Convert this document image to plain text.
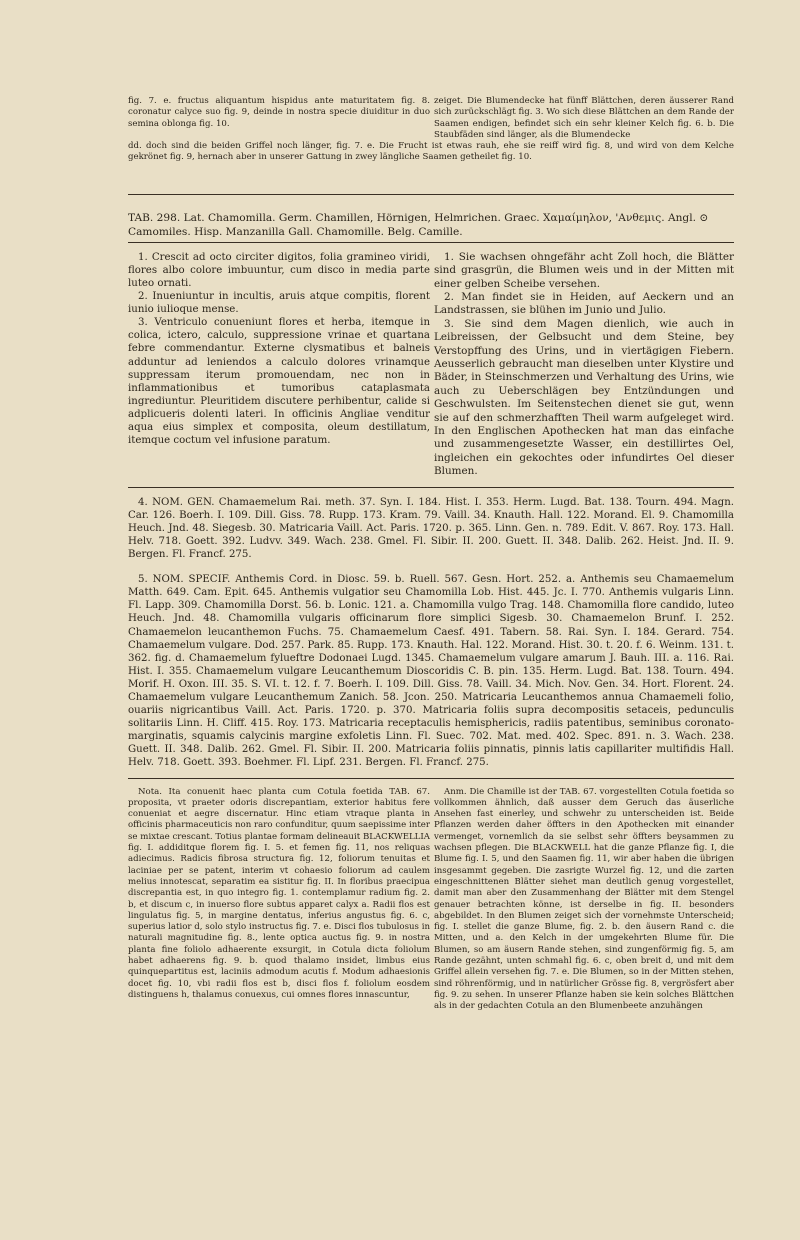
fig. 7. e. fructus aliquantum hispidus ante maturitatem fig. 8. coronatur calyce suo fig. 9, deinde in nostra specie diuiditur in duo semina oblonga fig. 10.

zeiget. Die Blumendecke hat fünff Blättchen, deren äusserer Rand sich zurückschlägt fig. 3. Wo sich diese Blättchen an dem Rande der Saamen endigen, befindet sich ein sehr kleiner Kelch fig. 6. b. Die Staubfäden sind länger, als die Blumendecke

dd. doch sind die beiden Griffel noch länger, fig. 7. e. Die Frucht ist etwas rauh, ehe sie reiff wird fig. 8, und wird von dem Kelche gekrönet fig. 9, hernach aber in unserer Gattung in zwey längliche Saamen getheilet fig. 10.

TAB. 298. Lat. Chamomilla. Germ. Chamillen, Hörnigen, Helmrichen. Graec. Χαμαίμηλον, 'Ανθεμις. Angl. ⊙ Camomiles. Hisp. Manzanilla Gall. Chamomille. Belg. Camille.

1. Crescit ad octo circiter digitos, folia gramineo viridi, flores albo colore imbuuntur, cum disco in media parte luteo ornati.

2. Inueniuntur in incultis, aruis atque compitis, florent iunio iulioque mense.

3. Ventriculo conueniunt flores et herba, itemque in colica, ictero, calculo, suppressione vrinae et quartana febre commendantur. Externe clysmatibus et balneis adduntur ad leniendos a calculo dolores vrinamque suppressam iterum promouendam, nec non in inflammationibus et tumoribus cataplasmata ingrediuntur. Pleuritidem discutere perhibentur, calide si adplicueris dolenti lateri. In officinis Angliae venditur aqua eius simplex et composita, oleum destillatum, itemque coctum vel infusione paratum.

1. Sie wachsen ohngefähr acht Zoll hoch, die Blätter sind grasgrün, die Blumen weis und in der Mitten mit einer gelben Scheibe versehen.

2. Man findet sie in Heiden, auf Aeckern und an Landstrassen, sie blühen im Junio und Julio.

3. Sie sind dem Magen dienlich, wie auch in Leibreissen, der Gelbsucht und dem Steine, bey Verstopffung des Urins, und in viertägigen Fiebern. Aeusserlich gebraucht man dieselben unter Klystire und Bäder, in Steinschmerzen und Verhaltung des Urins, wie auch zu Ueberschlägen bey Entzündungen und Geschwulsten. Im Seitenstechen dienet sie gut, wenn sie auf den schmerzhafften Theil warm aufgeleget wird. In den Englischen Apothecken hat man das einfache und zusammengesetzte Wasser, ein destillirtes Oel, ingleichen ein gekochtes oder infundirtes Oel dieser Blumen.

4. NOM. GEN. Chamaemelum Rai. meth. 37. Syn. I. 184. Hist. I. 353. Herm. Lugd. Bat. 138. Tourn. 494. Magn. Car. 126. Boerh. I. 109. Dill. Giss. 78. Rupp. 173. Kram. 79. Vaill. 34. Knauth. Hall. 122. Morand. El. 9. Chamomilla Heuch. Jnd. 48. Siegesb. 30. Matricaria Vaill. Act. Paris. 1720. p. 365. Linn. Gen. n. 789. Edit. V. 867. Roy. 173. Hall. Helv. 718. Goett. 392. Ludvv. 349. Wach. 238. Gmel. Fl. Sibir. II. 200. Guett. II. 348. Dalib. 262. Heist. Jnd. II. 9. Bergen. Fl. Francf. 275.

5. NOM. SPECIF. Anthemis Cord. in Diosc. 59. b. Ruell. 567. Gesn. Hort. 252. a. Anthemis seu Chamaemelum Matth. 649. Cam. Epit. 645. Anthemis vulgatior seu Chamomilla Lob. Hist. 445. Jc. I. 770. Anthemis vulgaris Linn. Fl. Lapp. 309. Chamomilla Dorst. 56. b. Lonic. 121. a. Chamomilla vulgo Trag. 148. Chamomilla flore candido, luteo Heuch. Jnd. 48. Chamomilla vulgaris officinarum flore simplici Sigesb. 30. Chamaemelon Brunf. I. 252. Chamaemelon leucanthemon Fuchs. 75. Chamaemelum Caesf. 491. Tabern. 58. Rai. Syn. I. 184. Gerard. 754. Chamaemelum vulgare. Dod. 257. Park. 85. Rupp. 173. Knauth. Hal. 122. Morand. Hist. 30. t. 20. f. 6. Weinm. 131. t. 362. fig. d. Chamaemelum fylueftre Dodonaei Lugd. 1345. Chamaemelum vulgare amarum J. Bauh. III. a. 116. Rai. Hist. I. 355. Chamaemelum vulgare Leucanthemum Dioscoridis C. B. pin. 135. Herm. Lugd. Bat. 138. Tourn. 494. Morif. H. Oxon. III. 35. S. VI. t. 12. f. 7. Boerh. I. 109. Dill. Giss. 78. Vaill. 34. Mich. Nov. Gen. 34. Hort. Florent. 24. Chamaemelum vulgare Leucanthemum Zanich. 58. Jcon. 250. Matricaria Leucanthemos annua Chamaemeli folio, ouariis nigricantibus Vaill. Act. Paris. 1720. p. 370. Matricaria foliis supra decompositis setaceis, pedunculis solitariis Linn. H. Cliff. 415. Roy. 173. Matricaria receptaculis hemisphericis, radiis patentibus, seminibus coronato-marginatis, squamis calycinis margine exfoletis Linn. Fl. Suec. 702. Mat. med. 402. Spec. 891. n. 3. Wach. 238. Guett. II. 348. Dalib. 262. Gmel. Fl. Sibir. II. 200. Matricaria foliis pinnatis, pinnis latis capillariter multifidis Hall. Helv. 718. Goett. 393. Boehmer. Fl. Lipf. 231. Bergen. Fl. Francf. 275.

Nota. Ita conuenit haec planta cum Cotula foetida TAB. 67. proposita, vt praeter odoris discrepantiam, exterior habitus fere conueniat et aegre discernatur. Hinc etiam vtraque planta in officinis pharmaceuticis non raro confunditur, quum saepissime inter se mixtae crescant. Totius plantae formam delineauit BLACKWELLIA fig. I. addiditque florem fig. I. 5. et femen fig. 11, nos reliquas adiecimus. Radicis fibrosa structura fig. 12, foliorum tenuitas et laciniae per se patent, interim vt cohaesio foliorum ad caulem melius innotescat, separatim ea sistitur fig. II. In floribus praecipua discrepantia est, in quo integro fig. 1. contemplamur radium fig. 2. b, et discum c, in inuerso flore subtus apparet calyx a. Radii flos est lingulatus fig. 5, in margine dentatus, inferius angustus fig. 6. c, superius latior d, solo stylo instructus fig. 7. e. Disci flos tubulosus in naturali magnitudine fig. 8., lente optica auctus fig. 9. in nostra planta fine foliolo adhaerente exsurgit, in Cotula dicta foliolum habet adhaerens fig. 9. b. quod thalamo insidet, limbus eius quinquepartitus est, laciniis admodum acutis f. Modum adhaesionis docet fig. 10, vbi radii flos est b, disci flos f. foliolum eosdem distinguens h, thalamus conuexus, cui omnes flores innascuntur,

Anm. Die Chamille ist der TAB. 67. vorgestellten Cotula foetida so vollkommen ähnlich, daß ausser dem Geruch das äuserliche Ansehen fast einerley, und schwehr zu unterscheiden ist. Beide Pflanzen werden daher öffters in den Apothecken mit einander vermenget, vornemlich da sie selbst sehr öffters beysammen zu wachsen pflegen. Die BLACKWELL hat die ganze Pflanze fig. I, die Blume fig. I. 5, und den Saamen fig. 11, wir aber haben die übrigen insgesammt gegeben. Die zasrigte Wurzel fig. 12, und die zarten eingeschnittenen Blätter siehet man deutlich genug vorgestellet, damit man aber den Zusammenhang der Blätter mit dem Stengel genauer betrachten könne, ist derselbe in fig. II. besonders abgebildet. In den Blumen zeiget sich der vornehmste Unterscheid; fig. I. stellet die ganze Blume, fig. 2. b. den äusern Rand c. die Mitten, und a. den Kelch in der umgekehrten Blume für. Die Blumen, so am äusern Rande stehen, sind zungenförmig fig. 5, am Rande gezähnt, unten schmahl fig. 6. c, oben breit d, und mit dem Griffel allein versehen fig. 7. e. Die Blumen, so in der Mitten stehen, sind röhrenförmig, und in natürlicher Grösse fig. 8, vergrösfert aber fig. 9. zu sehen. In unserer Pflanze haben sie kein solches Blättchen als in der gedachten Cotula an den Blumenbeete anzuhängen
